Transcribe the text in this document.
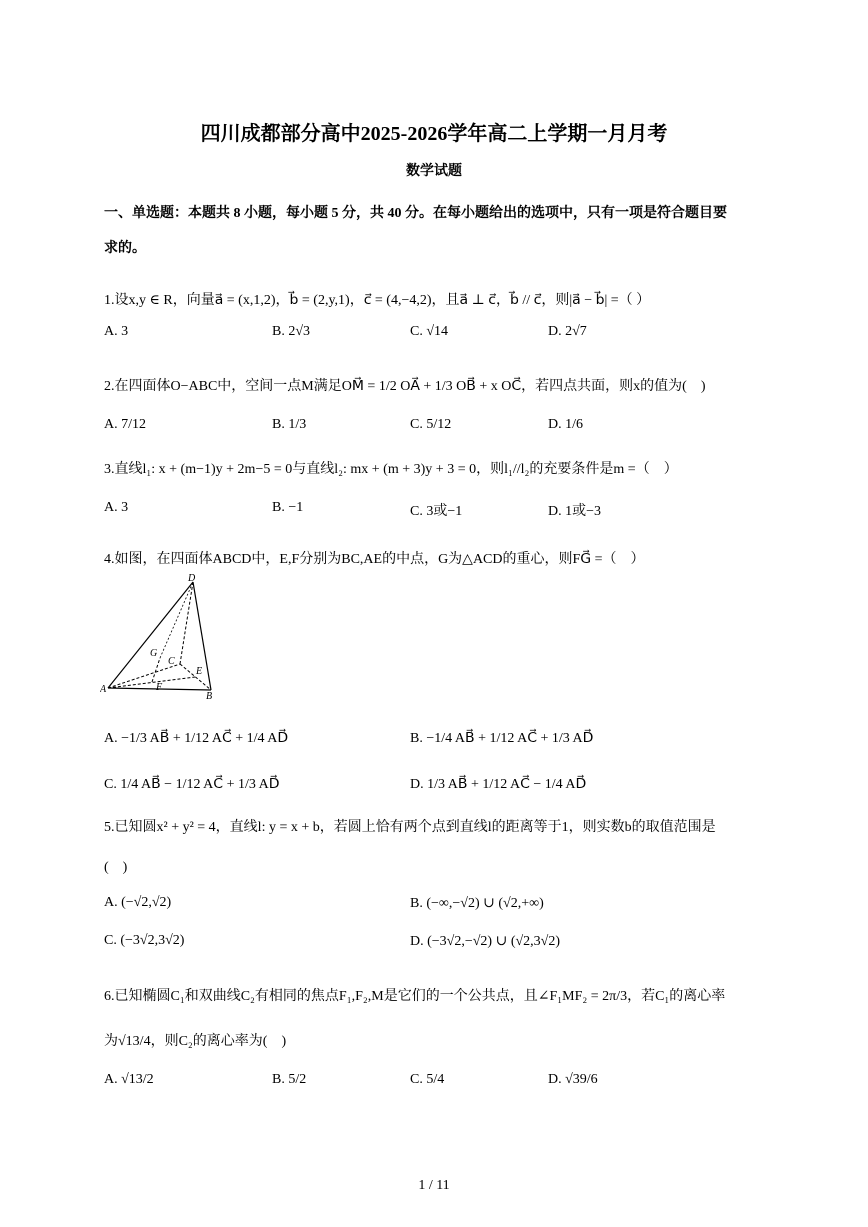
四川成都部分高中2025-2026学年高二上学期一月月考
数学试题
一、单选题：本题共 8 小题，每小题 5 分，共 40 分。在每小题给出的选项中，只有一项是符合题目要
求的。
1.设x,y ∈ R，向量a⃗ = (x,1,2)，b⃗ = (2,y,1)，c⃗ = (4,−4,2)，且a⃗ ⊥ c⃗，b⃗ // c⃗，则|a⃗ − b⃗| =（ ）
A. 3	B. 2√3	C. √14	D. 2√7
2.在四面体O−ABC中，空间一点M满足OM⃗ = 1/2 OA⃗ + 1/3 OB⃗ + x OC⃗，若四点共面，则x的值为(　)
A. 7/12	B. 1/3	C. 5/12	D. 1/6
3.直线l₁: x + (m−1)y + 2m−5 = 0与直线l₂: mx + (m + 3)y + 3 = 0，则l₁//l₂的充要条件是m =（　）
A. 3	B. −1	C. 3或−1	D. 1或−3
4.如图，在四面体ABCD中，E,F分别为BC,AE的中点，G为△ACD的重心，则FG⃗ =（　）
D
G
C
E
A	F
B
A. −1/3 AB⃗ + 1/12 AC⃗ + 1/4 AD⃗	B. −1/4 AB⃗ + 1/12 AC⃗ + 1/3 AD⃗
C. 1/4 AB⃗ − 1/12 AC⃗ + 1/3 AD⃗	D. 1/3 AB⃗ + 1/12 AC⃗ − 1/4 AD⃗
5.已知圆x² + y² = 4，直线l: y = x + b，若圆上恰有两个点到直线l的距离等于1，则实数b的取值范围是
(　)
A. (−√2,√2)	B. (−∞,−√2) ∪ (√2,+∞)
C. (−3√2,3√2)	D. (−3√2,−√2) ∪ (√2,3√2)
6.已知椭圆C₁和双曲线C₂有相同的焦点F₁,F₂,M是它们的一个公共点，且∠F₁MF₂ = 2π/3，若C₁的离心率
为√13/4，则C₂的离心率为(　)
A. √13/2	B. 5/2	C. 5/4	D. √39/6
1 / 11
